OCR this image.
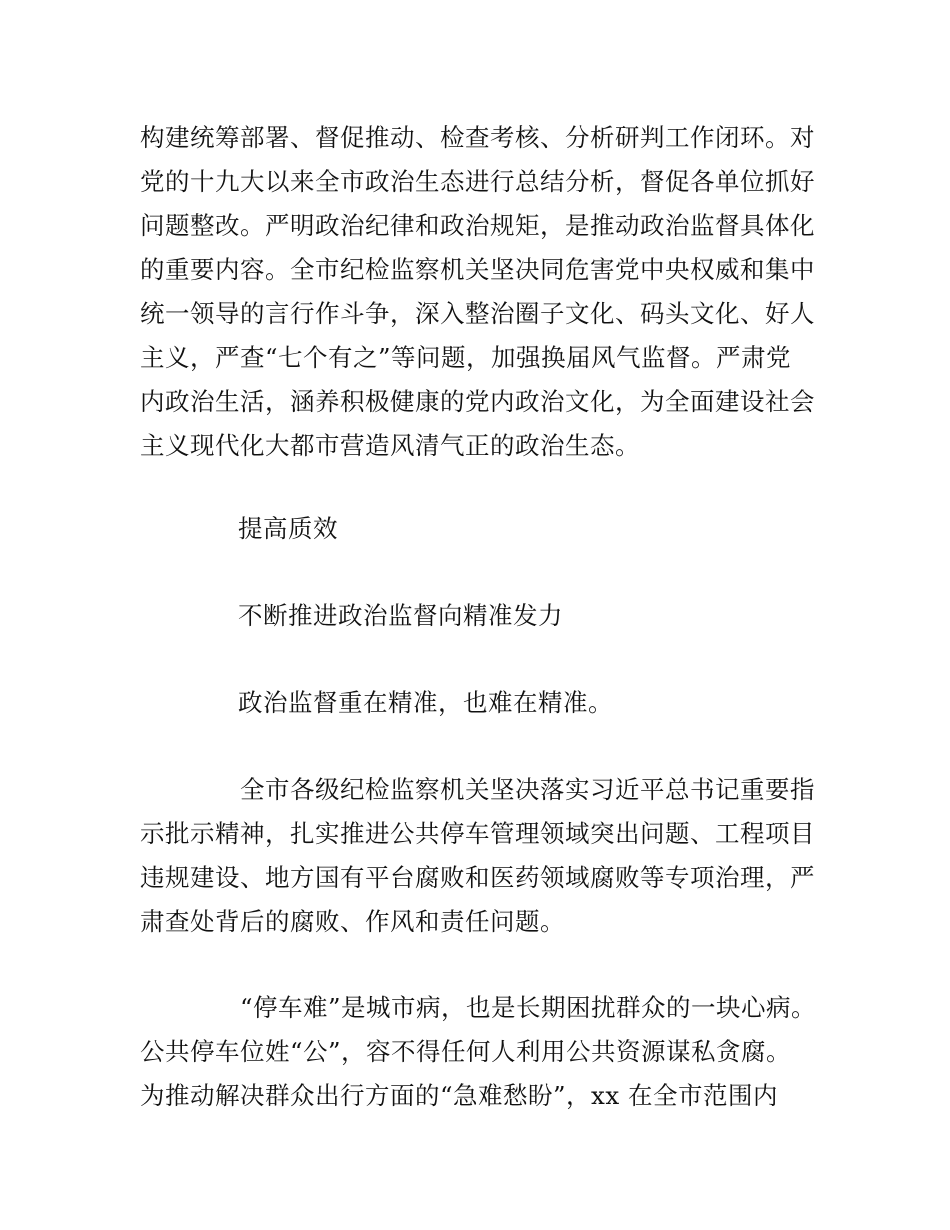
构建统筹部署、督促推动、检查考核、分析研判工作闭环。对
党的十九大以来全市政治生态进行总结分析，督促各单位抓好
问题整改。严明政治纪律和政治规矩，是推动政治监督具体化
的重要内容。全市纪检监察机关坚决同危害党中央权威和集中
统一领导的言行作斗争，深入整治圈子文化、码头文化、好人
主义，严查“七个有之”等问题，加强换届风气监督。严肃党
内政治生活，涵养积极健康的党内政治文化，为全面建设社会
主义现代化大都市营造风清气正的政治生态。
提高质效
不断推进政治监督向精准发力
政治监督重在精准，也难在精准。
全市各级纪检监察机关坚决落实习近平总书记重要指
示批示精神，扎实推进公共停车管理领域突出问题、工程项目
违规建设、地方国有平台腐败和医药领域腐败等专项治理，严
肃查处背后的腐败、作风和责任问题。
“停车难”是城市病，也是长期困扰群众的一块心病。
公共停车位姓“公”，容不得任何人利用公共资源谋私贪腐。
为推动解决群众出行方面的“急难愁盼”，xx 在全市范围内
